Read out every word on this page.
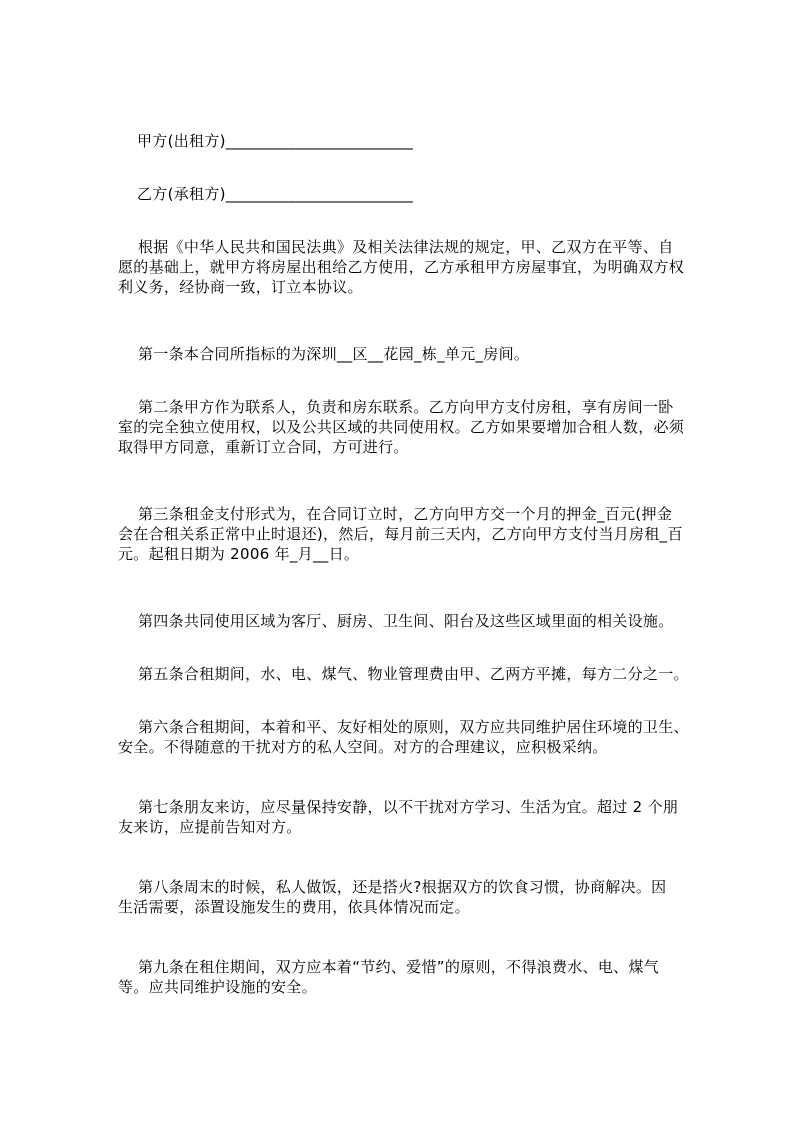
甲方(出租方)________________________
乙方(承租方)________________________
根据《中华人民共和国民法典》及相关法律法规的规定，甲、乙双方在平等、自
愿的基础上，就甲方将房屋出租给乙方使用，乙方承租甲方房屋事宜，为明确双方权
利义务，经协商一致，订立本协议。
第一条本合同所指标的为深圳__区__花园_栋_单元_房间。
第二条甲方作为联系人，负责和房东联系。乙方向甲方支付房租，享有房间一卧
室的完全独立使用权，以及公共区域的共同使用权。乙方如果要增加合租人数，必须
取得甲方同意，重新订立合同，方可进行。
第三条租金支付形式为，在合同订立时，乙方向甲方交一个月的押金_百元(押金
会在合租关系正常中止时退还)，然后，每月前三天内，乙方向甲方支付当月房租_百
元。起租日期为 2006 年_月__日。
第四条共同使用区域为客厅、厨房、卫生间、阳台及这些区域里面的相关设施。
第五条合租期间，水、电、煤气、物业管理费由甲、乙两方平摊，每方二分之一。
第六条合租期间，本着和平、友好相处的原则，双方应共同维护居住环境的卫生、
安全。不得随意的干扰对方的私人空间。对方的合理建议，应积极采纳。
第七条朋友来访，应尽量保持安静，以不干扰对方学习、生活为宜。超过 2 个朋
友来访，应提前告知对方。
第八条周末的时候，私人做饭，还是搭火?根据双方的饮食习惯，协商解决。因
生活需要，添置设施发生的费用，依具体情况而定。
第九条在租住期间，双方应本着“节约、爱惜”的原则，不得浪费水、电、煤气
等。应共同维护设施的安全。
